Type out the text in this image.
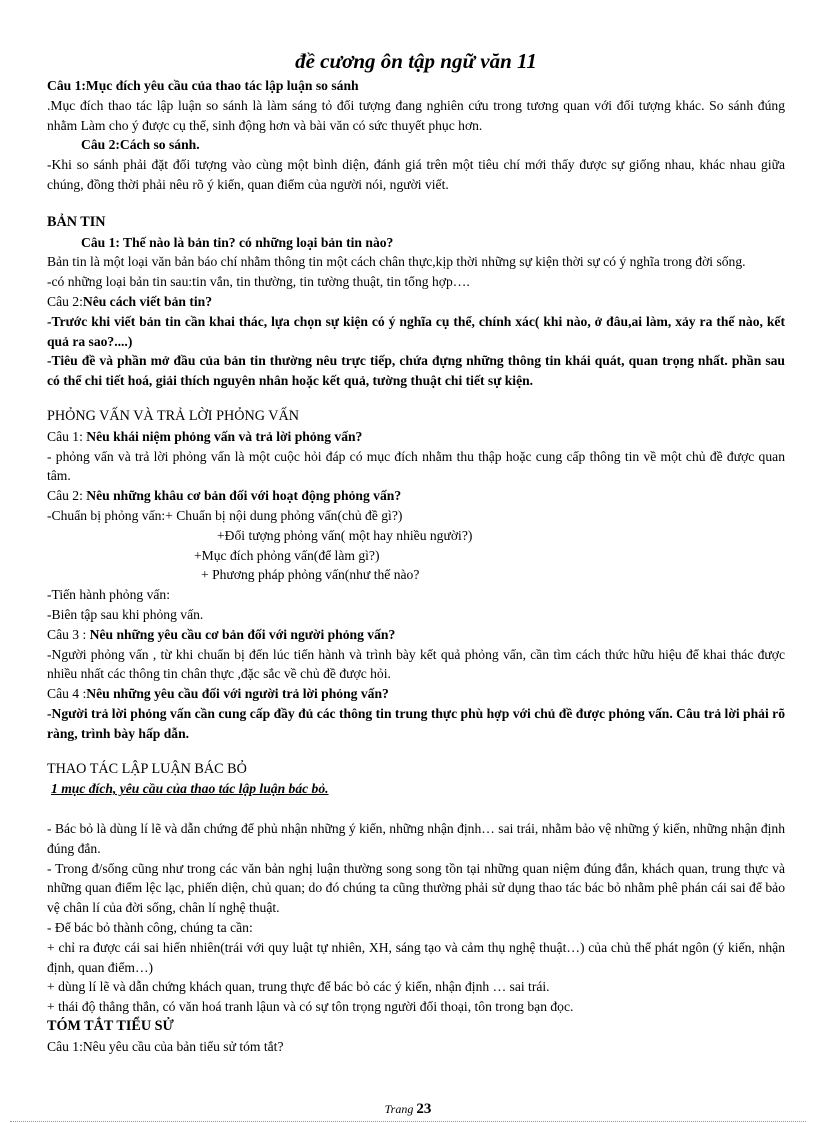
đề cương ôn tập ngữ văn 11

Câu 1:Mục đích yêu cầu của thao tác lập luận so sánh

.Mục đích thao tác lập luận so sánh là làm sáng tỏ đối tượng đang nghiên cứu trong tương quan với đối tượng khác. So sánh đúng nhằm Làm cho ý được cụ thể, sinh động hơn và bài văn có sức thuyết phục hơn.

Câu 2:Cách so sánh.

-Khi so sánh phải đặt đối tượng vào cùng một bình diện, đánh giá trên một tiêu chí mới thấy được sự giống nhau, khác nhau giữa chúng, đồng thời phải nêu rõ ý kiến, quan điểm của người nói, người viết.

BẢN TIN

Câu 1: Thế nào là bản tin? có những loại bản tin nào?

Bản tin là một loại văn bản báo chí nhằm thông tin một cách chân thực,kịp thời những sự kiện thời sự có ý nghĩa trong đời sống.

-có những loại bản tin sau:tin vắn, tin thường, tin tường thuật, tin tổng hợp….

Câu 2:Nêu cách viết bản tin?

-Trước khi viết bản tin cần khai thác, lựa chọn sự kiện có ý nghĩa cụ thể, chính xác( khi nào, ở đâu,ai làm, xảy ra thế nào, kết quả ra sao?....)

-Tiêu đề và phần mở đầu của bản tin thường nêu trực tiếp, chứa đựng những thông tin khái quát, quan trọng nhất. phần sau có thể chi tiết hoá, giải thích nguyên nhân hoặc kết quả, tường thuật chi tiết sự kiện.

PHỎNG VẤN VÀ TRẢ LỜI PHỎNG VẤN

Câu 1: Nêu khái niệm phỏng vấn và trả lời phỏng vấn?

- phỏng vấn và trả lời phỏng vấn là một cuộc hỏi đáp có mục đích nhằm thu thập hoặc cung cấp thông tin về một chủ đề được quan tâm.

Câu 2: Nêu những khâu cơ bản đối với hoạt động phỏng vấn?

-Chuẩn bị phỏng vấn:+ Chuẩn bị nội dung phỏng vấn(chủ đề gì?)

+Đối tượng phỏng vấn( một hay nhiều người?)

+Mục đích phỏng vấn(để làm gì?)

+ Phương pháp phỏng vấn(như thế nào?

-Tiến hành phỏng vấn:

-Biên tập sau khi phỏng vấn.

Câu 3 : Nêu những yêu cầu cơ bản đối với người phỏng vấn?

-Người phỏng vấn , từ khi chuẩn bị đến lúc tiến hành và trình bày kết quả phỏng vấn, cần tìm cách thức hữu hiệu để khai thác được nhiều nhất các thông tin chân thực ,đặc sắc về chủ đề được hỏi.

Câu 4 :Nêu những yêu cầu đối với người trả lời phỏng vấn?

-Người trả lời phỏng vấn cần cung cấp đầy đủ các thông tin trung thực phù hợp với chủ đề được phỏng vấn. Câu trả lời phải rõ ràng, trình bày hấp dẫn.

THAO TÁC LẬP LUẬN BÁC BỎ

1 mục đích, yêu cầu của thao tác lập luận bác bỏ.

- Bác bỏ là dùng lí lẽ và dẫn chứng để phủ nhận những ý kiến, những nhận định… sai trái, nhằm bảo vệ những ý kiến, những nhận định đúng đắn.

- Trong đ/sống cũng như trong các văn bản nghị luận thường song song tồn tại những quan niệm đúng đắn, khách quan, trung thực và những quan điểm lệc lạc, phiến diện, chủ quan; do đó chúng ta cũng thường phải sử dụng thao tác bác bỏ nhằm phê phán cái sai để bảo vệ chân lí của đời sống, chân lí nghệ thuật.

- Để bác bỏ thành công, chúng ta cần:

+ chỉ ra được cái sai hiển nhiên(trái với quy luật tự nhiên, XH, sáng tạo và cảm thụ nghệ thuật…) của chủ thể phát ngôn (ý kiến, nhận định, quan điểm…)

+ dùng lí lẽ và dẫn chứng khách quan, trung thực để bác bỏ các ý kiến, nhận định … sai trái.

+ thái độ thẳng thắn, có văn hoá tranh lậun và có sự tôn trọng người đối thoại, tôn trong bạn đọc.

TÓM TẮT TIỂU SỬ

Câu 1:Nêu yêu cầu của bản tiểu sử tóm tắt?

Trang 23
